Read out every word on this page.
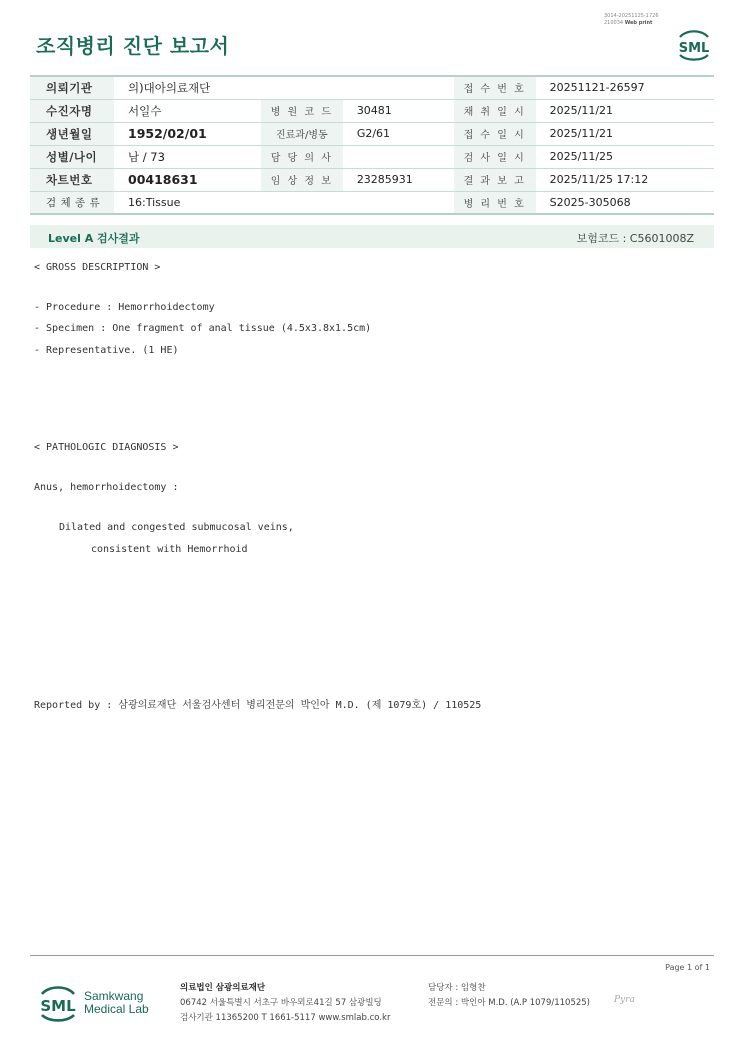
3014-20251125-1726
210034 Web print
조직병리 진단 보고서	SML
의뢰기관	의)대아의료재단			접 수 번 호	20251121-26597
수진자명	서일수	병 원 코 드	30481	채 취 일 시	2025/11/21
생년월일	1952/02/01	진료과/병동	G2/61	접 수 일 시	2025/11/21
성별/나이	남 / 73	담 당 의 사		검 사 일 시	2025/11/25
차트번호	00418631	임 상 정 보	23285931	결 과 보 고	2025/11/25 17:12
검 체 종 류	16:Tissue			병 리 번 호	S2025-305068
Level A 검사결과	보험코드 : C5601008Z
< GROSS DESCRIPTION >
- Procedure : Hemorrhoidectomy
- Specimen : One fragment of anal tissue (4.5x3.8x1.5cm)
- Representative. (1 HE)
< PATHOLOGIC DIAGNOSIS >
Anus, hemorrhoidectomy :
Dilated and congested submucosal veins,
consistent with Hemorrhoid
Reported by : 삼광의료재단 서울검사센터 병리전문의 박인아 M.D. (제 1079호) / 110525
Page 1 of 1
SML
Samkwang
Medical Lab
의료법인 삼광의료재단
06742 서울특별시 서초구 바우뫼로41길 57 삼광빌딩
검사기관 11365200 T 1661-5117 www.smlab.co.kr
담당자 : 임형찬
전문의 : 박인아 M.D. (A.P 1079/110525)	Pyra
